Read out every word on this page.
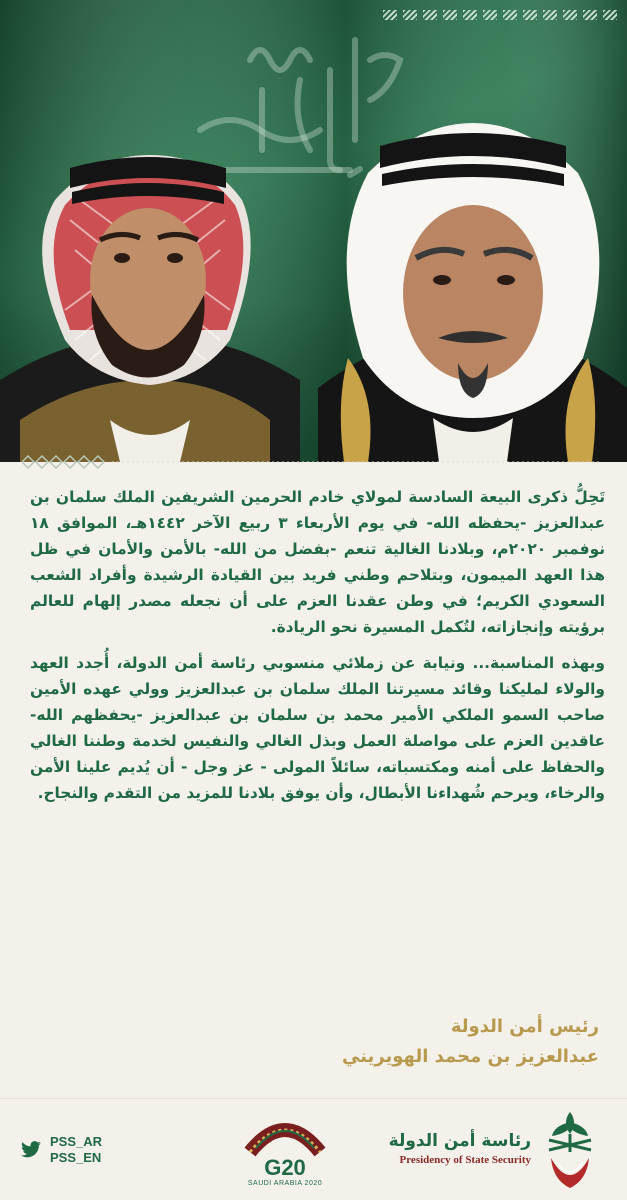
تَحِلُّ ذكرى البيعة السادسة لمولاي خادم الحرمين الشريفين الملك سلمان بن عبدالعزيز -يحفظه الله- في يوم الأربعاء ٣ ربيع الآخر ١٤٤٢هـ، الموافق ١٨ نوفمبر ٢٠٢٠م، وبلادنا الغالية تنعم -بفضل من الله- بالأمن والأمان في ظل هذا العهد الميمون، وبتلاحم وطني فريد بين القيادة الرشيدة وأفراد الشعب السعودي الكريم؛ في وطن عقدنا العزم على أن نجعله مصدر إلهام للعالم برؤيته وإنجازاته، لتُكمل المسيرة نحو الريادة.

وبهذه المناسبة... ونيابة عن زملائي منسوبي رئاسة أمن الدولة، أُجدد العهد والولاء لمليكنا وقائد مسيرتنا الملك سلمان بن عبدالعزيز وولي عهده الأمين صاحب السمو الملكي الأمير محمد بن سلمان بن عبدالعزيز -يحفظهم الله- عاقدين العزم على مواصلة العمل وبذل الغالي والنفيس لخدمة وطننا الغالي والحفاظ على أمنه ومكتسباته، سائلاً المولى - عز وجل - أن يُديم علينا الأمن والرخاء، ويرحم شُهداءنا الأبطال، وأن يوفق بلادنا للمزيد من التقدم والنجاح.

رئيس أمن الدولة
عبدالعزيز بن محمد الهويريني
PSS_AR
PSS_EN	G20
SAUDI ARABIA 2020
رئاسة أمن الدولة
Presidency of State Security
